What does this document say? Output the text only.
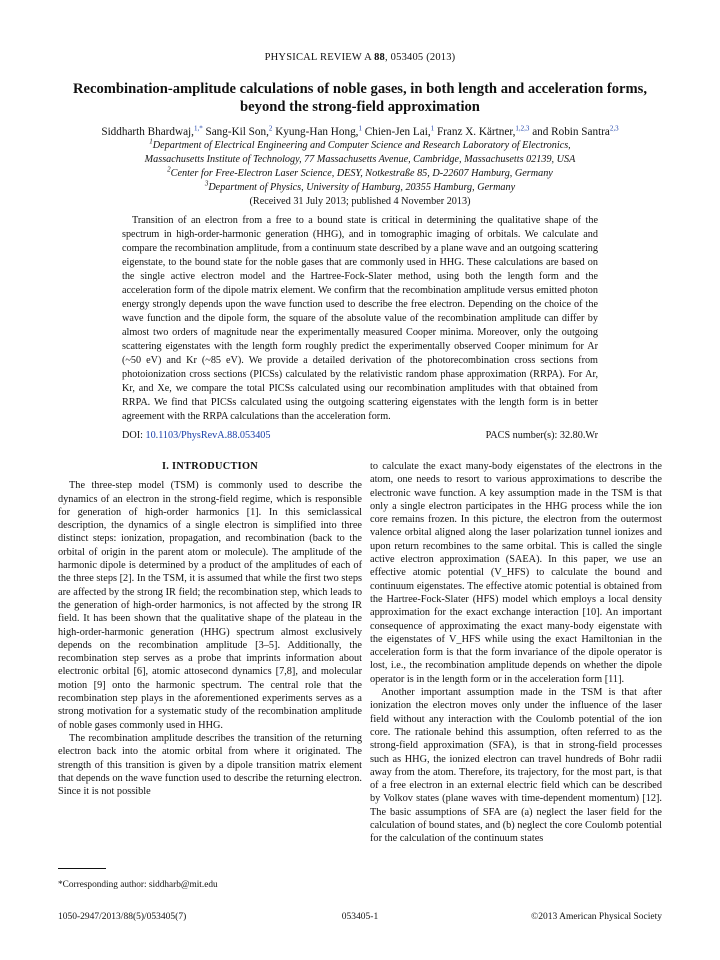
PHYSICAL REVIEW A 88, 053405 (2013)
Recombination-amplitude calculations of noble gases, in both length and acceleration forms,
beyond the strong-field approximation
Siddharth Bhardwaj,$^{1,*}$ Sang-Kil Son,$^2$ Kyung-Han Hong,$^1$ Chien-Jen Lai,$^1$ Franz X. Kärtner,$^{1,2,3}$ and Robin Santra$^{2,3}$
$^1$Department of Electrical Engineering and Computer Science and Research Laboratory of Electronics,
Massachusetts Institute of Technology, 77 Massachusetts Avenue, Cambridge, Massachusetts 02139, USA
$^2$Center for Free-Electron Laser Science, DESY, Notkestraße 85, D-22607 Hamburg, Germany
$^3$Department of Physics, University of Hamburg, 20355 Hamburg, Germany
(Received 31 July 2013; published 4 November 2013)
Transition of an electron from a free to a bound state is critical in determining the qualitative shape of the spectrum in high-order-harmonic generation (HHG), and in tomographic imaging of orbitals. We calculate and compare the recombination amplitude, from a continuum state described by a plane wave and an outgoing scattering eigenstate, to the bound state for the noble gases that are commonly used in HHG. These calculations are based on the single active electron model and the Hartree-Fock-Slater method, using both the length form and the acceleration form of the dipole matrix element. We confirm that the recombination amplitude versus emitted photon energy strongly depends upon the wave function used to describe the free electron. Depending on the choice of the wave function and the dipole form, the square of the absolute value of the recombination amplitude can differ by almost two orders of magnitude near the experimentally measured Cooper minima. Moreover, only the outgoing scattering eigenstates with the length form roughly predict the experimentally observed Cooper minimum for Ar (~50 eV) and Kr (~85 eV). We provide a detailed derivation of the photorecombination cross sections from photoionization cross sections (PICSs) calculated by the relativistic random phase approximation (RRPA). For Ar, Kr, and Xe, we compare the total PICSs calculated using our recombination amplitudes with that obtained from RRPA. We find that PICSs calculated using the outgoing scattering eigenstates with the length form is in better agreement with the RRPA calculations than the acceleration form.
DOI: 10.1103/PhysRevA.88.053405	PACS number(s): 32.80.Wr
I. INTRODUCTION

The three-step model (TSM) is commonly used to describe the dynamics of an electron in the strong-field regime, which is responsible for generation of high-order harmonics [1]. In this semiclassical description, the dynamics of a single electron is simplified into three distinct steps: ionization, propagation, and recombination (back to the orbital of origin in the parent atom or molecule). The amplitude of the harmonic dipole is determined by a product of the amplitudes of each of the three steps [2]. In the TSM, it is assumed that while the first two steps are affected by the strong IR field; the recombination step, which leads to the generation of high-order harmonics, is not affected by the strong IR field. It has been shown that the qualitative shape of the plateau in the high-order-harmonic generation (HHG) spectrum almost exclusively depends on the recombination amplitude [3–5]. Additionally, the recombination step serves as a probe that imprints information about electronic orbital [6], atomic attosecond dynamics [7,8], and molecular motion [9] onto the harmonic spectrum. The central role that the recombination step plays in the aforementioned experiments serves as a strong motivation for a systematic study of the recombination amplitude of noble gases commonly used in HHG.

The recombination amplitude describes the transition of the returning electron back into the atomic orbital from where it originated. The strength of this transition is given by a dipole transition matrix element that depends on the wave function used to describe the returning electron. Since it is not possible

to calculate the exact many-body eigenstates of the electrons in the atom, one needs to resort to various approximations to describe the electronic wave function. A key assumption made in the TSM is that only a single electron participates in the HHG process while the ion core remains frozen. In this picture, the electron from the outermost valence orbital aligned along the laser polarization tunnel ionizes and upon return recombines to the same orbital. This is called the single active electron approximation (SAEA). In this paper, we use an effective atomic potential (V_HFS) to calculate the bound and continuum eigenstates. The effective atomic potential is obtained from the Hartree-Fock-Slater (HFS) model which employs a local density approximation for the exact exchange interaction [10]. An important consequence of approximating the exact many-body eigenstate with the eigenstates of V_HFS while using the exact Hamiltonian in the acceleration form is that the form invariance of the dipole operator is lost, i.e., the recombination amplitude depends on whether the dipole operator is in the length form or in the acceleration form [11].

Another important assumption made in the TSM is that after ionization the electron moves only under the influence of the laser field without any interaction with the Coulomb potential of the ion core. The rationale behind this assumption, often referred to as the strong-field approximation (SFA), is that in strong-field processes such as HHG, the ionized electron can travel hundreds of Bohr radii away from the atom. Therefore, its trajectory, for the most part, is that of a free electron in an external electric field which can be described by Volkov states (plane waves with time-dependent momentum) [12]. The basic assumptions of SFA are (a) neglect the laser field for the calculation of bound states, and (b) neglect the core Coulomb potential for the calculation of the continuum states

*Corresponding author: siddharb@mit.edu
1050-2947/2013/88(5)/053405(7)	053405-1	©2013 American Physical Society
